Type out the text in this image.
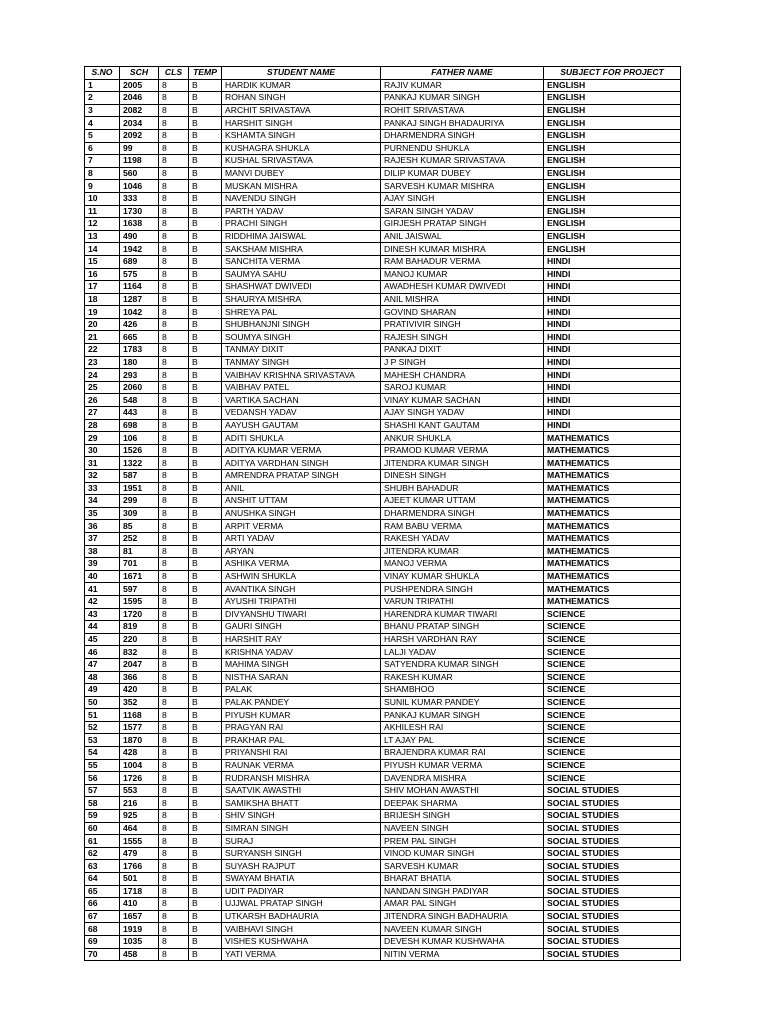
S.NO	SCH	CLS	TEMP	STUDENT NAME	FATHER NAME	SUBJECT FOR PROJECT
1	2005	8	B	HARDIK KUMAR	RAJIV KUMAR	ENGLISH
2	2046	8	B	ROHAN SINGH	PANKAJ KUMAR SINGH	ENGLISH
3	2082	8	B	ARCHIT SRIVASTAVA	ROHIT SRIVASTAVA	ENGLISH
4	2034	8	B	HARSHIT SINGH	PANKAJ SINGH BHADAURIYA	ENGLISH
5	2092	8	B	KSHAMTA SINGH	DHARMENDRA SINGH	ENGLISH
6	99	8	B	KUSHAGRA SHUKLA	PURNENDU SHUKLA	ENGLISH
7	1198	8	B	KUSHAL SRIVASTAVA	RAJESH KUMAR SRIVASTAVA	ENGLISH
8	560	8	B	MANVI DUBEY	DILIP KUMAR DUBEY	ENGLISH
9	1046	8	B	MUSKAN MISHRA	SARVESH KUMAR MISHRA	ENGLISH
10	333	8	B	NAVENDU SINGH	AJAY SINGH	ENGLISH
11	1730	8	B	PARTH YADAV	SARAN SINGH YADAV	ENGLISH
12	1638	8	B	PRACHI SINGH	GIRJESH PRATAP SINGH	ENGLISH
13	490	8	B	RIDDHIMA JAISWAL	ANIL JAISWAL	ENGLISH
14	1942	8	B	SAKSHAM MISHRA	DINESH KUMAR MISHRA	ENGLISH
15	689	8	B	SANCHITA VERMA	RAM BAHADUR VERMA	HINDI
16	575	8	B	SAUMYA SAHU	MANOJ KUMAR	HINDI
17	1164	8	B	SHASHWAT DWIVEDI	AWADHESH KUMAR DWIVEDI	HINDI
18	1287	8	B	SHAURYA MISHRA	ANIL MISHRA	HINDI
19	1042	8	B	SHREYA PAL	GOVIND SHARAN	HINDI
20	426	8	B	SHUBHANJNI SINGH	PRATIVIVIR SINGH	HINDI
21	665	8	B	SOUMYA SINGH	RAJESH SINGH	HINDI
22	1783	8	B	TANMAY DIXIT	PANKAJ DIXIT	HINDI
23	180	8	B	TANMAY SINGH	J P SINGH	HINDI
24	293	8	B	VAIBHAV KRISHNA SRIVASTAVA	MAHESH CHANDRA	HINDI
25	2060	8	B	VAIBHAV PATEL	SAROJ KUMAR	HINDI
26	548	8	B	VARTIKA SACHAN	VINAY KUMAR SACHAN	HINDI
27	443	8	B	VEDANSH YADAV	AJAY SINGH YADAV	HINDI
28	698	8	B	AAYUSH GAUTAM	SHASHI KANT GAUTAM	HINDI
29	106	8	B	ADITI SHUKLA	ANKUR SHUKLA	MATHEMATICS
30	1526	8	B	ADITYA KUMAR VERMA	PRAMOD KUMAR VERMA	MATHEMATICS
31	1322	8	B	ADITYA VARDHAN SINGH	JITENDRA KUMAR SINGH	MATHEMATICS
32	587	8	B	AMRENDRA PRATAP SINGH	DINESH SINGH	MATHEMATICS
33	1951	8	B	ANIL	SHUBH BAHADUR	MATHEMATICS
34	299	8	B	ANSHIT UTTAM	AJEET KUMAR UTTAM	MATHEMATICS
35	309	8	B	ANUSHKA SINGH	DHARMENDRA SINGH	MATHEMATICS
36	85	8	B	ARPIT VERMA	RAM BABU VERMA	MATHEMATICS
37	252	8	B	ARTI YADAV	RAKESH YADAV	MATHEMATICS
38	81	8	B	ARYAN	JITENDRA KUMAR	MATHEMATICS
39	701	8	B	ASHIKA VERMA	MANOJ VERMA	MATHEMATICS
40	1671	8	B	ASHWIN SHUKLA	VINAY KUMAR SHUKLA	MATHEMATICS
41	597	8	B	AVANTIKA SINGH	PUSHPENDRA SINGH	MATHEMATICS
42	1595	8	B	AYUSHI TRIPATHI	VARUN TRIPATHI	MATHEMATICS
43	1720	8	B	DIVYANSHU TIWARI	HARENDRA KUMAR TIWARI	SCIENCE
44	819	8	B	GAURI SINGH	BHANU PRATAP SINGH	SCIENCE
45	220	8	B	HARSHIT RAY	HARSH VARDHAN RAY	SCIENCE
46	832	8	B	KRISHNA YADAV	LALJI YADAV	SCIENCE
47	2047	8	B	MAHIMA SINGH	SATYENDRA KUMAR SINGH	SCIENCE
48	366	8	B	NISTHA SARAN	RAKESH KUMAR	SCIENCE
49	420	8	B	PALAK	SHAMBHOO	SCIENCE
50	352	8	B	PALAK PANDEY	SUNIL KUMAR PANDEY	SCIENCE
51	1168	8	B	PIYUSH KUMAR	PANKAJ KUMAR SINGH	SCIENCE
52	1577	8	B	PRAGYAN RAI	AKHILESH RAI	SCIENCE
53	1870	8	B	PRAKHAR PAL	LT AJAY PAL	SCIENCE
54	428	8	B	PRIYANSHI RAI	BRAJENDRA KUMAR RAI	SCIENCE
55	1004	8	B	RAUNAK VERMA	PIYUSH KUMAR VERMA	SCIENCE
56	1726	8	B	RUDRANSH MISHRA	DAVENDRA MISHRA	SCIENCE
57	553	8	B	SAATVIK AWASTHI	SHIV MOHAN AWASTHI	SOCIAL STUDIES
58	216	8	B	SAMIKSHA BHATT	DEEPAK SHARMA	SOCIAL STUDIES
59	925	8	B	SHIV SINGH	BRIJESH SINGH	SOCIAL STUDIES
60	464	8	B	SIMRAN SINGH	NAVEEN SINGH	SOCIAL STUDIES
61	1555	8	B	SURAJ	PREM PAL SINGH	SOCIAL STUDIES
62	479	8	B	SURYANSH SINGH	VINOD KUMAR SINGH	SOCIAL STUDIES
63	1766	8	B	SUYASH RAJPUT	SARVESH KUMAR	SOCIAL STUDIES
64	501	8	B	SWAYAM BHATIA	BHARAT BHATIA	SOCIAL STUDIES
65	1718	8	B	UDIT PADIYAR	NANDAN SINGH PADIYAR	SOCIAL STUDIES
66	410	8	B	UJJWAL PRATAP SINGH	AMAR PAL SINGH	SOCIAL STUDIES
67	1657	8	B	UTKARSH BADHAURIA	JITENDRA SINGH BADHAURIA	SOCIAL STUDIES
68	1919	8	B	VAIBHAVI SINGH	NAVEEN KUMAR SINGH	SOCIAL STUDIES
69	1035	8	B	VISHES KUSHWAHA	DEVESH KUMAR KUSHWAHA	SOCIAL STUDIES
70	458	8	B	YATI VERMA	NITIN VERMA	SOCIAL STUDIES
